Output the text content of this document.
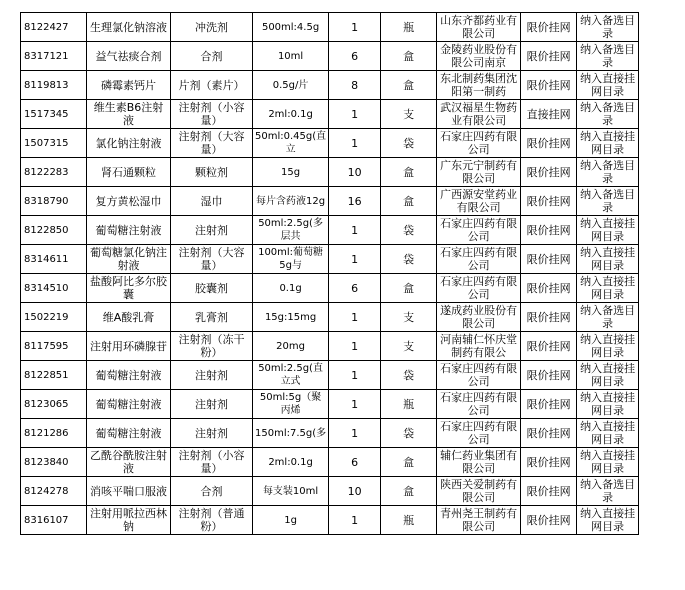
8122427	生理氯化钠溶液	冲洗剂	500ml:4.5g	1	瓶	山东齐都药业有限公司	限价挂网	纳入备选目录

8317121	益气祛痰合剂	合剂	10ml	6	盒	金陵药业股份有限公司南京	限价挂网	纳入备选目录

8119813	磷霉素钙片	片剂（素片）	0.5g/片	8	盒	东北制药集团沈阳第一制药	限价挂网	纳入直接挂网目录

1517345	维生素B6注射液	注射剂（小容量）	2ml:0.1g	1	支	武汉福星生物药业有限公司	直接挂网	纳入备选目录

1507315	氯化钠注射液	注射剂（大容量）	50ml:0.45g(直立	1	袋	石家庄四药有限公司	限价挂网	纳入直接挂网目录

8122283	肾石通颗粒	颗粒剂	15g	10	盒	广东元宁制药有限公司	限价挂网	纳入备选目录

8318790	复方黄松湿巾	湿巾	每片含药液12g	16	盒	广西源安堂药业有限公司	限价挂网	纳入备选目录

8122850	葡萄糖注射液	注射剂	50ml:2.5g(多层共	1	袋	石家庄四药有限公司	限价挂网	纳入直接挂网目录

8314611	葡萄糖氯化钠注射液	注射剂（大容量）	100ml:葡萄糖5g与	1	袋	石家庄四药有限公司	限价挂网	纳入直接挂网目录

8314510	盐酸阿比多尔胶囊	胶囊剂	0.1g	6	盒	石家庄四药有限公司	限价挂网	纳入直接挂网目录

1502219	维A酸乳膏	乳膏剂	15g:15mg	1	支	遂成药业股份有限公司	限价挂网	纳入备选目录

8117595	注射用环磷腺苷	注射剂（冻干粉）	20mg	1	支	河南辅仁怀庆堂制药有限公	限价挂网	纳入直接挂网目录

8122851	葡萄糖注射液	注射剂	50ml:2.5g(直立式	1	袋	石家庄四药有限公司	限价挂网	纳入直接挂网目录

8123065	葡萄糖注射液	注射剂	50ml:5g（聚丙烯	1	瓶	石家庄四药有限公司	限价挂网	纳入直接挂网目录

8121286	葡萄糖注射液	注射剂	150ml:7.5g(多	1	袋	石家庄四药有限公司	限价挂网	纳入直接挂网目录

8123840	乙酰谷酰胺注射液	注射剂（小容量）	2ml:0.1g	6	盒	辅仁药业集团有限公司	限价挂网	纳入直接挂网目录

8124278	消咳平喘口服液	合剂	每支装10ml	10	盒	陕西关爱制药有限公司	限价挂网	纳入备选目录

8316107	注射用哌拉西林钠	注射剂（普通粉）	1g	1	瓶	青州尧王制药有限公司	限价挂网	纳入直接挂网目录
